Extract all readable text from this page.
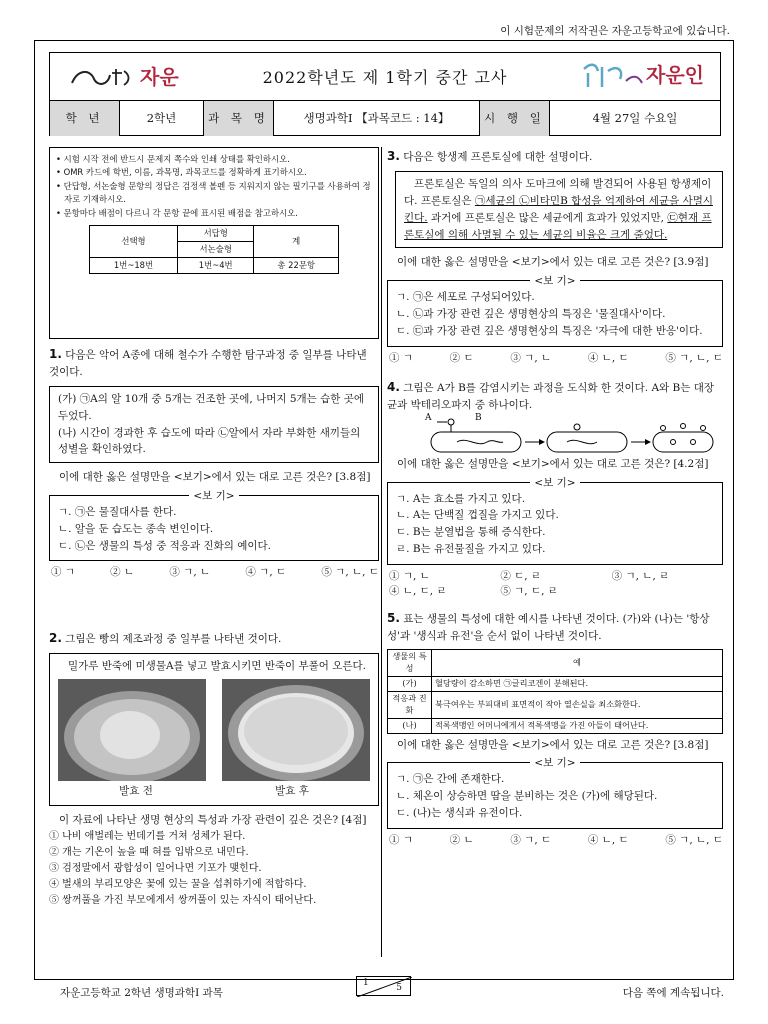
이 시험문제의 저작권은 자운고등학교에 있습니다.
자운	2022학년도 제 1학기 중간 고사	자운인
학 년	2학년	과 목 명	생명과학Ⅰ 【과목코드 : 14】	시 행 일	4월 27일 수요일
• 시험 시작 전에 반드시 문제지 쪽수와 인쇄 상태를 확인하시오.
• OMR 카드에 학번, 이름, 과목명, 과목코드를 정확하게 표기하시오.
• 단답형, 서논술형 문항의 정답은 검정색 볼펜 등 지워지지 않는 필기구를 사용하여 정자로 기재하시오.
• 문항마다 배점이 다르니 각 문항 끝에 표시된 배점을 참고하시오.
선택형	서답형	계
	서논술형	
1번~18번	1번~4번	총 22문항
1. 다음은 악어 A종에 대해 철수가 수행한 탐구과정 중 일부를 나타낸 것이다.
(가) ㉠A의 알 10개 중 5개는 건조한 곳에, 나머지 5개는 습한 곳에 두었다.
(나) 시간이 경과한 후 습도에 따라 ㉡알에서 자라 부화한 새끼들의 성별을 확인하였다.
이에 대한 옳은 설명만을 <보기>에서 있는 대로 고른 것은? [3.8점]
<보 기>
ㄱ. ㉠은 물질대사를 한다.
ㄴ. 알을 둔 습도는 종속 변인이다.
ㄷ. ㉡은 생물의 특성 중 적응과 진화의 예이다.
① ㄱ	② ㄴ	③ ㄱ, ㄴ	④ ㄱ, ㄷ	⑤ ㄱ, ㄴ, ㄷ
2. 그림은 빵의 제조과정 중 일부를 나타낸 것이다.
밀가루 반죽에 미생물A를 넣고 발효시키면 반죽이 부풀어 오른다.
발효 전	발효 후
이 자료에 나타난 생명 현상의 특성과 가장 관련이 깊은 것은? [4점]
① 나비 애벌레는 번데기를 거쳐 성체가 된다.
② 개는 기온이 높을 때 혀를 입밖으로 내민다.
③ 검정말에서 광합성이 일어나면 기포가 맺힌다.
④ 벌새의 부리모양은 꽃에 있는 꿀을 섭취하기에 적합하다.
⑤ 쌍꺼풀을 가진 부모에게서 쌍꺼풀이 있는 자식이 태어난다.
3. 다음은 항생제 프론토실에 대한 설명이다.
프론토실은 독일의 의사 도마크에 의해 발견되어 사용된 항생제이다. 프론토실은 ㉠세균의 ㉡비타민B 합성을 억제하여 세균을 사멸시킨다. 과거에 프론토실은 많은 세균에게 효과가 있었지만, ㉢현재 프론토실에 의해 사멸될 수 있는 세균의 비율은 크게 줄었다.
이에 대한 옳은 설명만을 <보기>에서 있는 대로 고른 것은? [3.9점]
<보 기>
ㄱ. ㉠은 세포로 구성되어있다.
ㄴ. ㉡과 가장 관련 깊은 생명현상의 특징은 '물질대사'이다.
ㄷ. ㉢과 가장 관련 깊은 생명현상의 특징은 '자극에 대한 반응'이다.
① ㄱ	② ㄷ	③ ㄱ, ㄴ	④ ㄴ, ㄷ	⑤ ㄱ, ㄴ, ㄷ
4. 그림은 A가 B를 감염시키는 과정을 도식화 한 것이다. A와 B는 대장균과 박테리오파지 중 하나이다.
A	B
이에 대한 옳은 설명만을 <보기>에서 있는 대로 고른 것은? [4.2점]
<보 기>
ㄱ. A는 효소를 가지고 있다.
ㄴ. A는 단백질 껍질을 가지고 있다.
ㄷ. B는 분열법을 통해 증식한다.
ㄹ. B는 유전물질을 가지고 있다.
① ㄱ, ㄴ	② ㄷ, ㄹ	③ ㄱ, ㄴ, ㄹ
④ ㄴ, ㄷ, ㄹ	⑤ ㄱ, ㄷ, ㄹ
5. 표는 생물의 특성에 대한 예시를 나타낸 것이다. (가)와 (나)는 '항상성'과 '생식과 유전'을 순서 없이 나타낸 것이다.
생물의 특성	예
(가)	혈당량이 감소하면 ㉠글리코겐이 분해된다.
적응과 진화	북극여우는 부피대비 표면적이 작아 열손실을 최소화한다.
(나)	적록색맹인 어머니에게서 적록색맹을 가진 아들이 태어난다.
이에 대한 옳은 설명만을 <보기>에서 있는 대로 고른 것은? [3.8점]
<보 기>
ㄱ. ㉠은 간에 존재한다.
ㄴ. 체온이 상승하면 땀을 분비하는 것은 (가)에 해당된다.
ㄷ. (나)는 생식과 유전이다.
① ㄱ	② ㄴ	③ ㄱ, ㄷ	④ ㄴ, ㄷ	⑤ ㄱ, ㄴ, ㄷ
자운고등학교 2학년 생명과학Ⅰ 과목
1	5	다음 쪽에 계속됩니다.
